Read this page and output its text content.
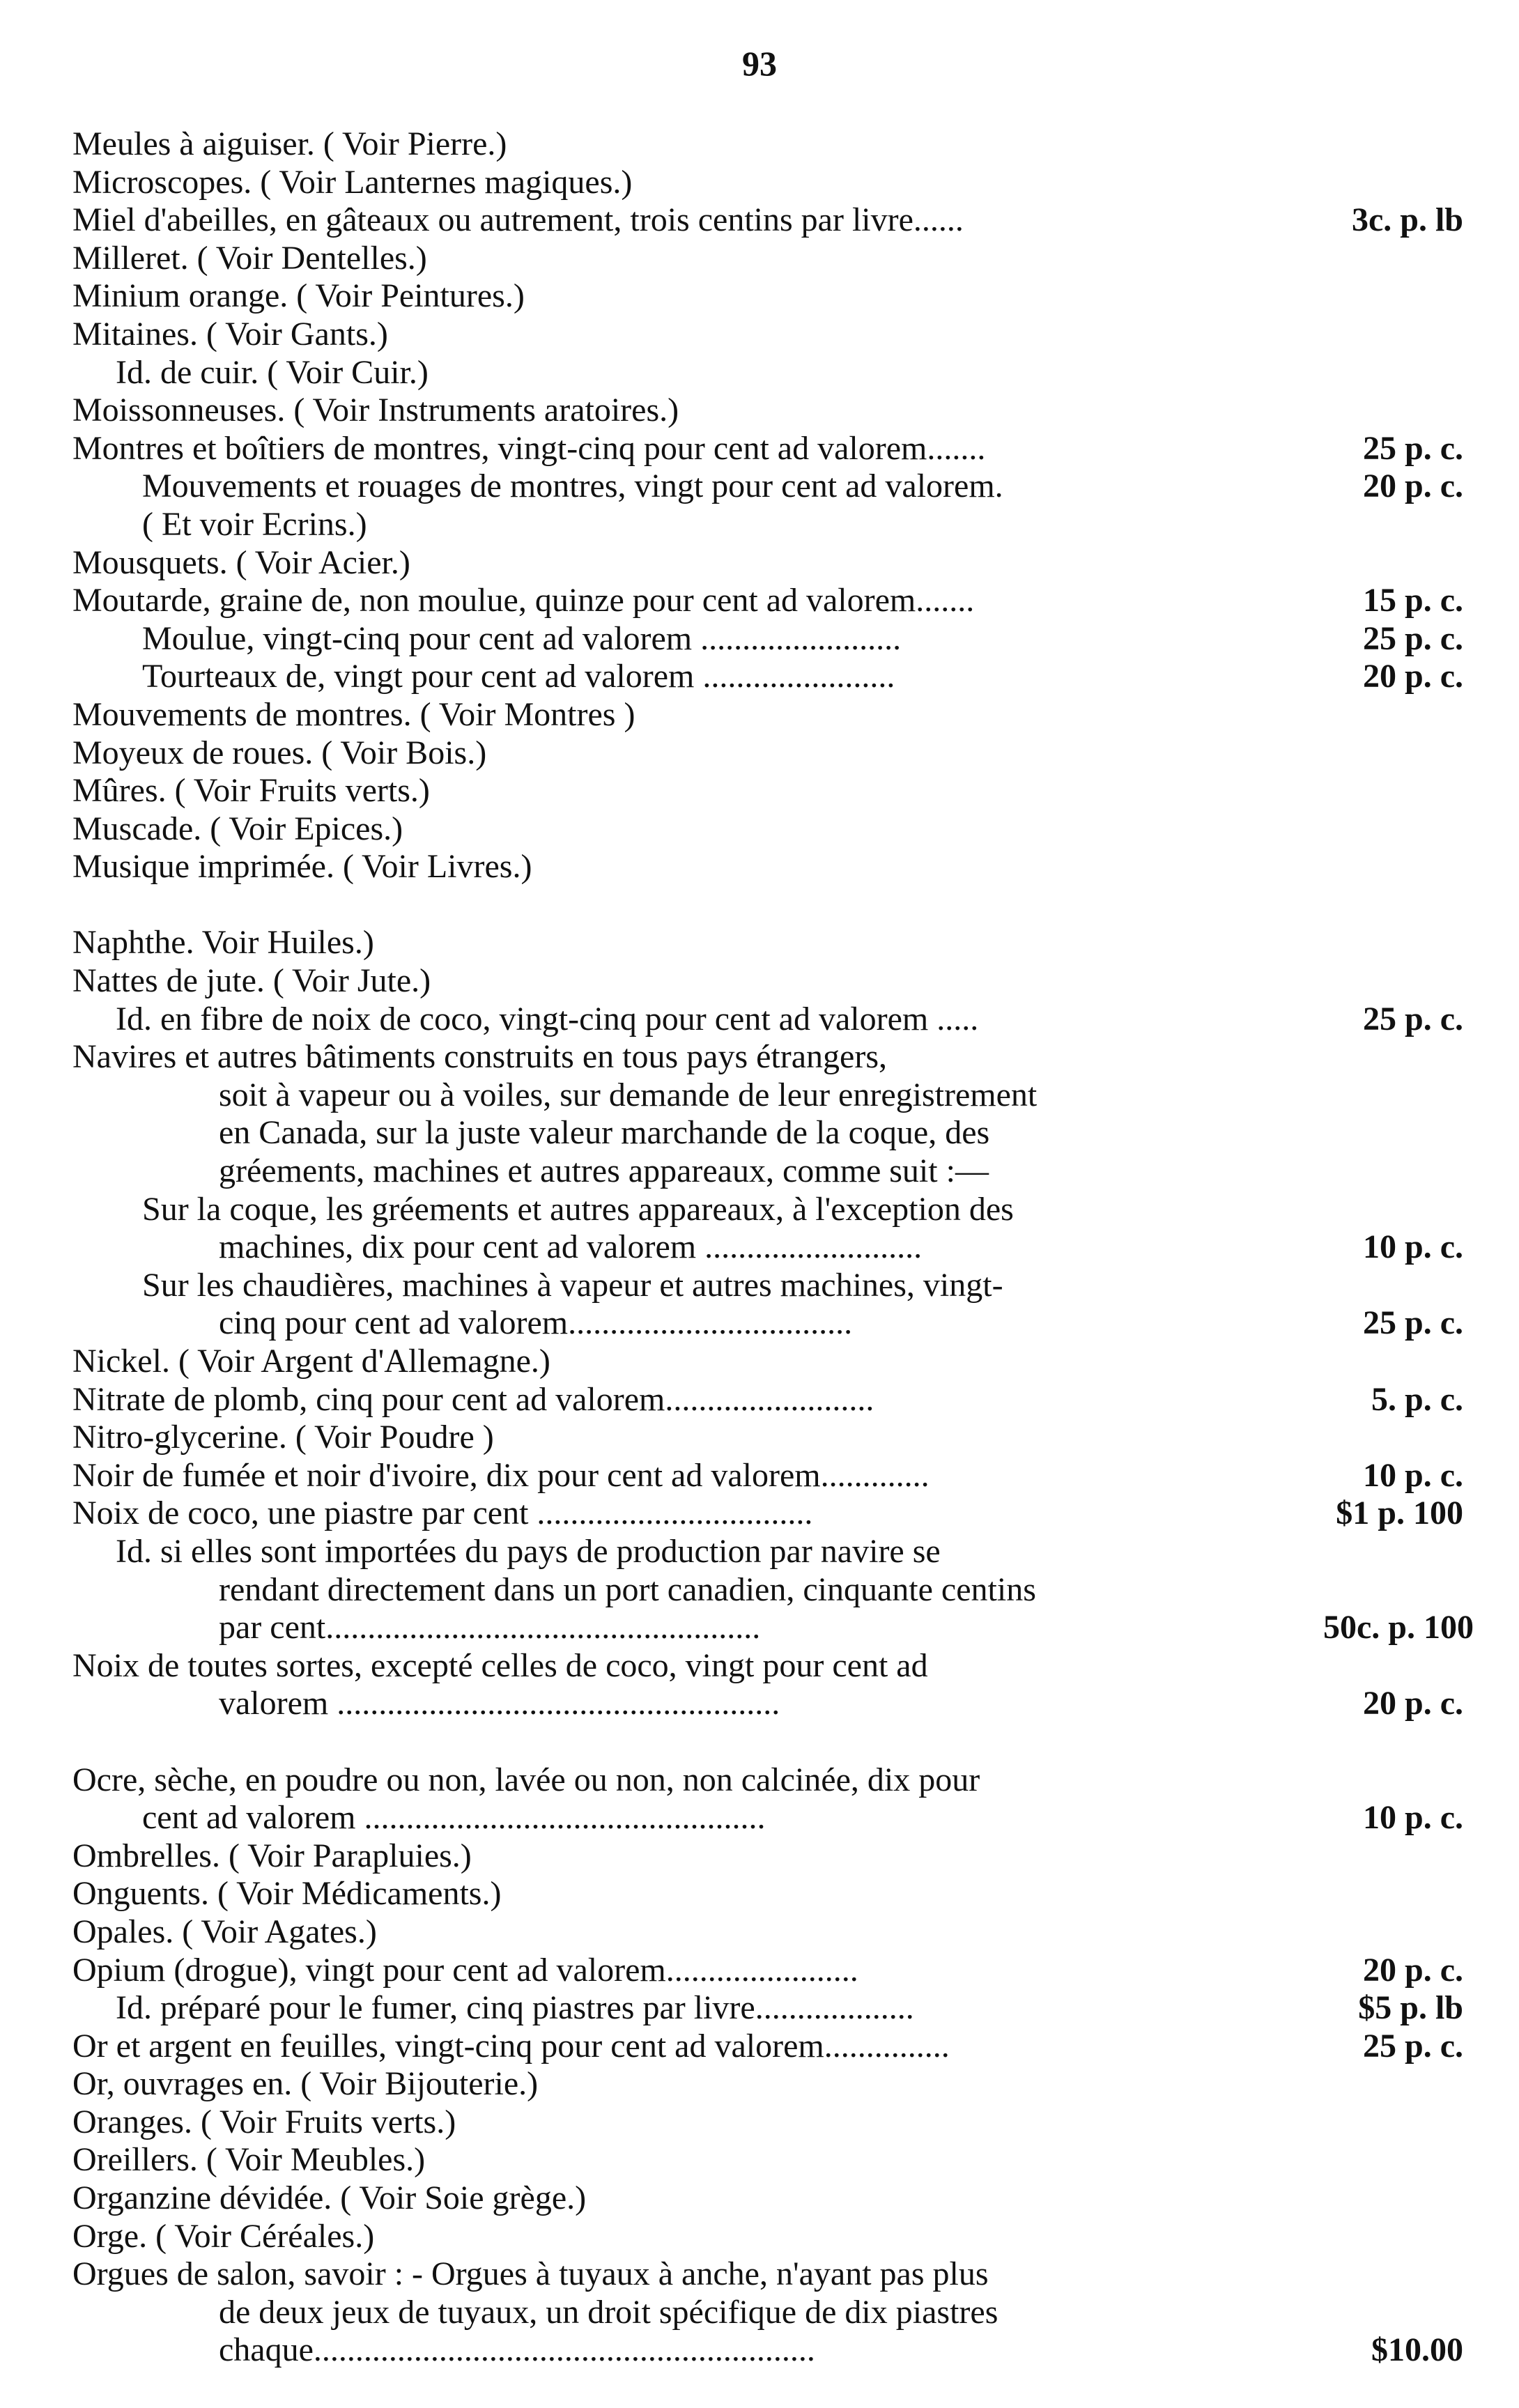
93
Meules à aiguiser. ( Voir Pierre.)
Microscopes. ( Voir Lanternes magiques.)
Miel d'abeilles, en gâteaux ou autrement, trois centins par livre......	3c. p. lb
Milleret. ( Voir Dentelles.)
Minium orange. ( Voir Peintures.)
Mitaines. ( Voir Gants.)
Id. de cuir. ( Voir Cuir.)
Moissonneuses. ( Voir Instruments aratoires.)
Montres et boîtiers de montres, vingt-cinq pour cent ad valorem.......	25 p. c.
Mouvements et rouages de montres, vingt pour cent ad valorem.	20 p. c.
( Et voir Ecrins.)
Mousquets. ( Voir Acier.)
Moutarde, graine de, non moulue, quinze pour cent ad valorem.......	15 p. c.
Moulue, vingt-cinq pour cent ad valorem ........................	25 p. c.
Tourteaux de, vingt pour cent ad valorem .......................	20 p. c.
Mouvements de montres. ( Voir Montres )
Moyeux de roues. ( Voir Bois.)
Mûres. ( Voir Fruits verts.)
Muscade. ( Voir Epices.)
Musique imprimée. ( Voir Livres.)
Naphthe. Voir Huiles.)
Nattes de jute. ( Voir Jute.)
Id. en fibre de noix de coco, vingt-cinq pour cent ad valorem .....	25 p. c.
Navires et autres bâtiments construits en tous pays étrangers,
soit à vapeur ou à voiles, sur demande de leur enregistrement
en Canada, sur la juste valeur marchande de la coque, des
gréements, machines et autres appareaux, comme suit :—
Sur la coque, les gréements et autres appareaux, à l'exception des
machines, dix pour cent ad valorem ..........................	10 p. c.
Sur les chaudières, machines à vapeur et autres machines, vingt-
cinq pour cent ad valorem..................................	25 p. c.
Nickel. ( Voir Argent d'Allemagne.)
Nitrate de plomb, cinq pour cent ad valorem.........................	5. p. c.
Nitro-glycerine. ( Voir Poudre )
Noir de fumée et noir d'ivoire, dix pour cent ad valorem.............	10 p. c.
Noix de coco, une piastre par cent .................................	$1 p. 100
Id. si elles sont importées du pays de production par navire se
rendant directement dans un port canadien, cinquante centins
par cent....................................................	50c. p. 100
Noix de toutes sortes, excepté celles de coco, vingt pour cent ad
valorem .....................................................	20 p. c.
Ocre, sèche, en poudre ou non, lavée ou non, non calcinée, dix pour
cent ad valorem ................................................	10 p. c.
Ombrelles. ( Voir Parapluies.)
Onguents. ( Voir Médicaments.)
Opales. ( Voir Agates.)
Opium (drogue), vingt pour cent ad valorem.......................	20 p. c.
Id. préparé pour le fumer, cinq piastres par livre...................	$5 p. lb
Or et argent en feuilles, vingt-cinq pour cent ad valorem...............	25 p. c.
Or, ouvrages en. ( Voir Bijouterie.)
Oranges. ( Voir Fruits verts.)
Oreillers. ( Voir Meubles.)
Organzine dévidée. ( Voir Soie grège.)
Orge. ( Voir Céréales.)
Orgues de salon, savoir : - Orgues à tuyaux à anche, n'ayant pas plus
de deux jeux de tuyaux, un droit spécifique de dix piastres
chaque............................................................	$10.00
